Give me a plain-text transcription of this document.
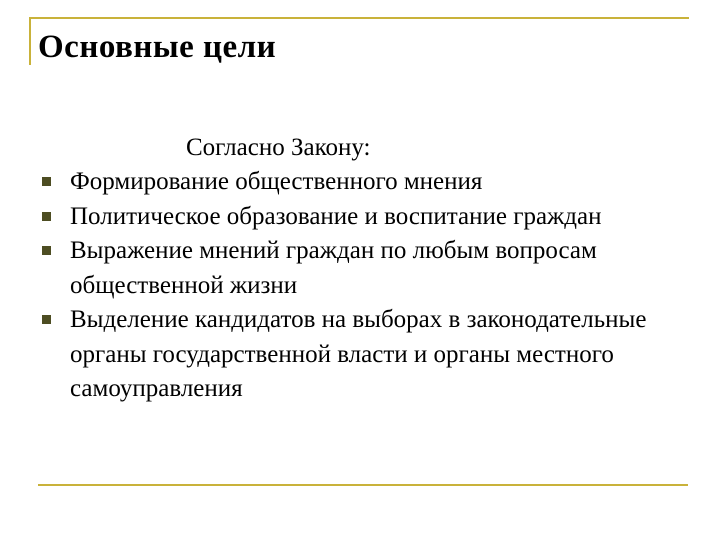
Основные цели
Согласно Закону:
Формирование общественного мнения
Политическое образование и воспитание граждан
Выражение мнений граждан по любым вопросам общественной жизни
Выделение кандидатов на выборах в законодательные органы государственной власти и органы местного самоуправления
